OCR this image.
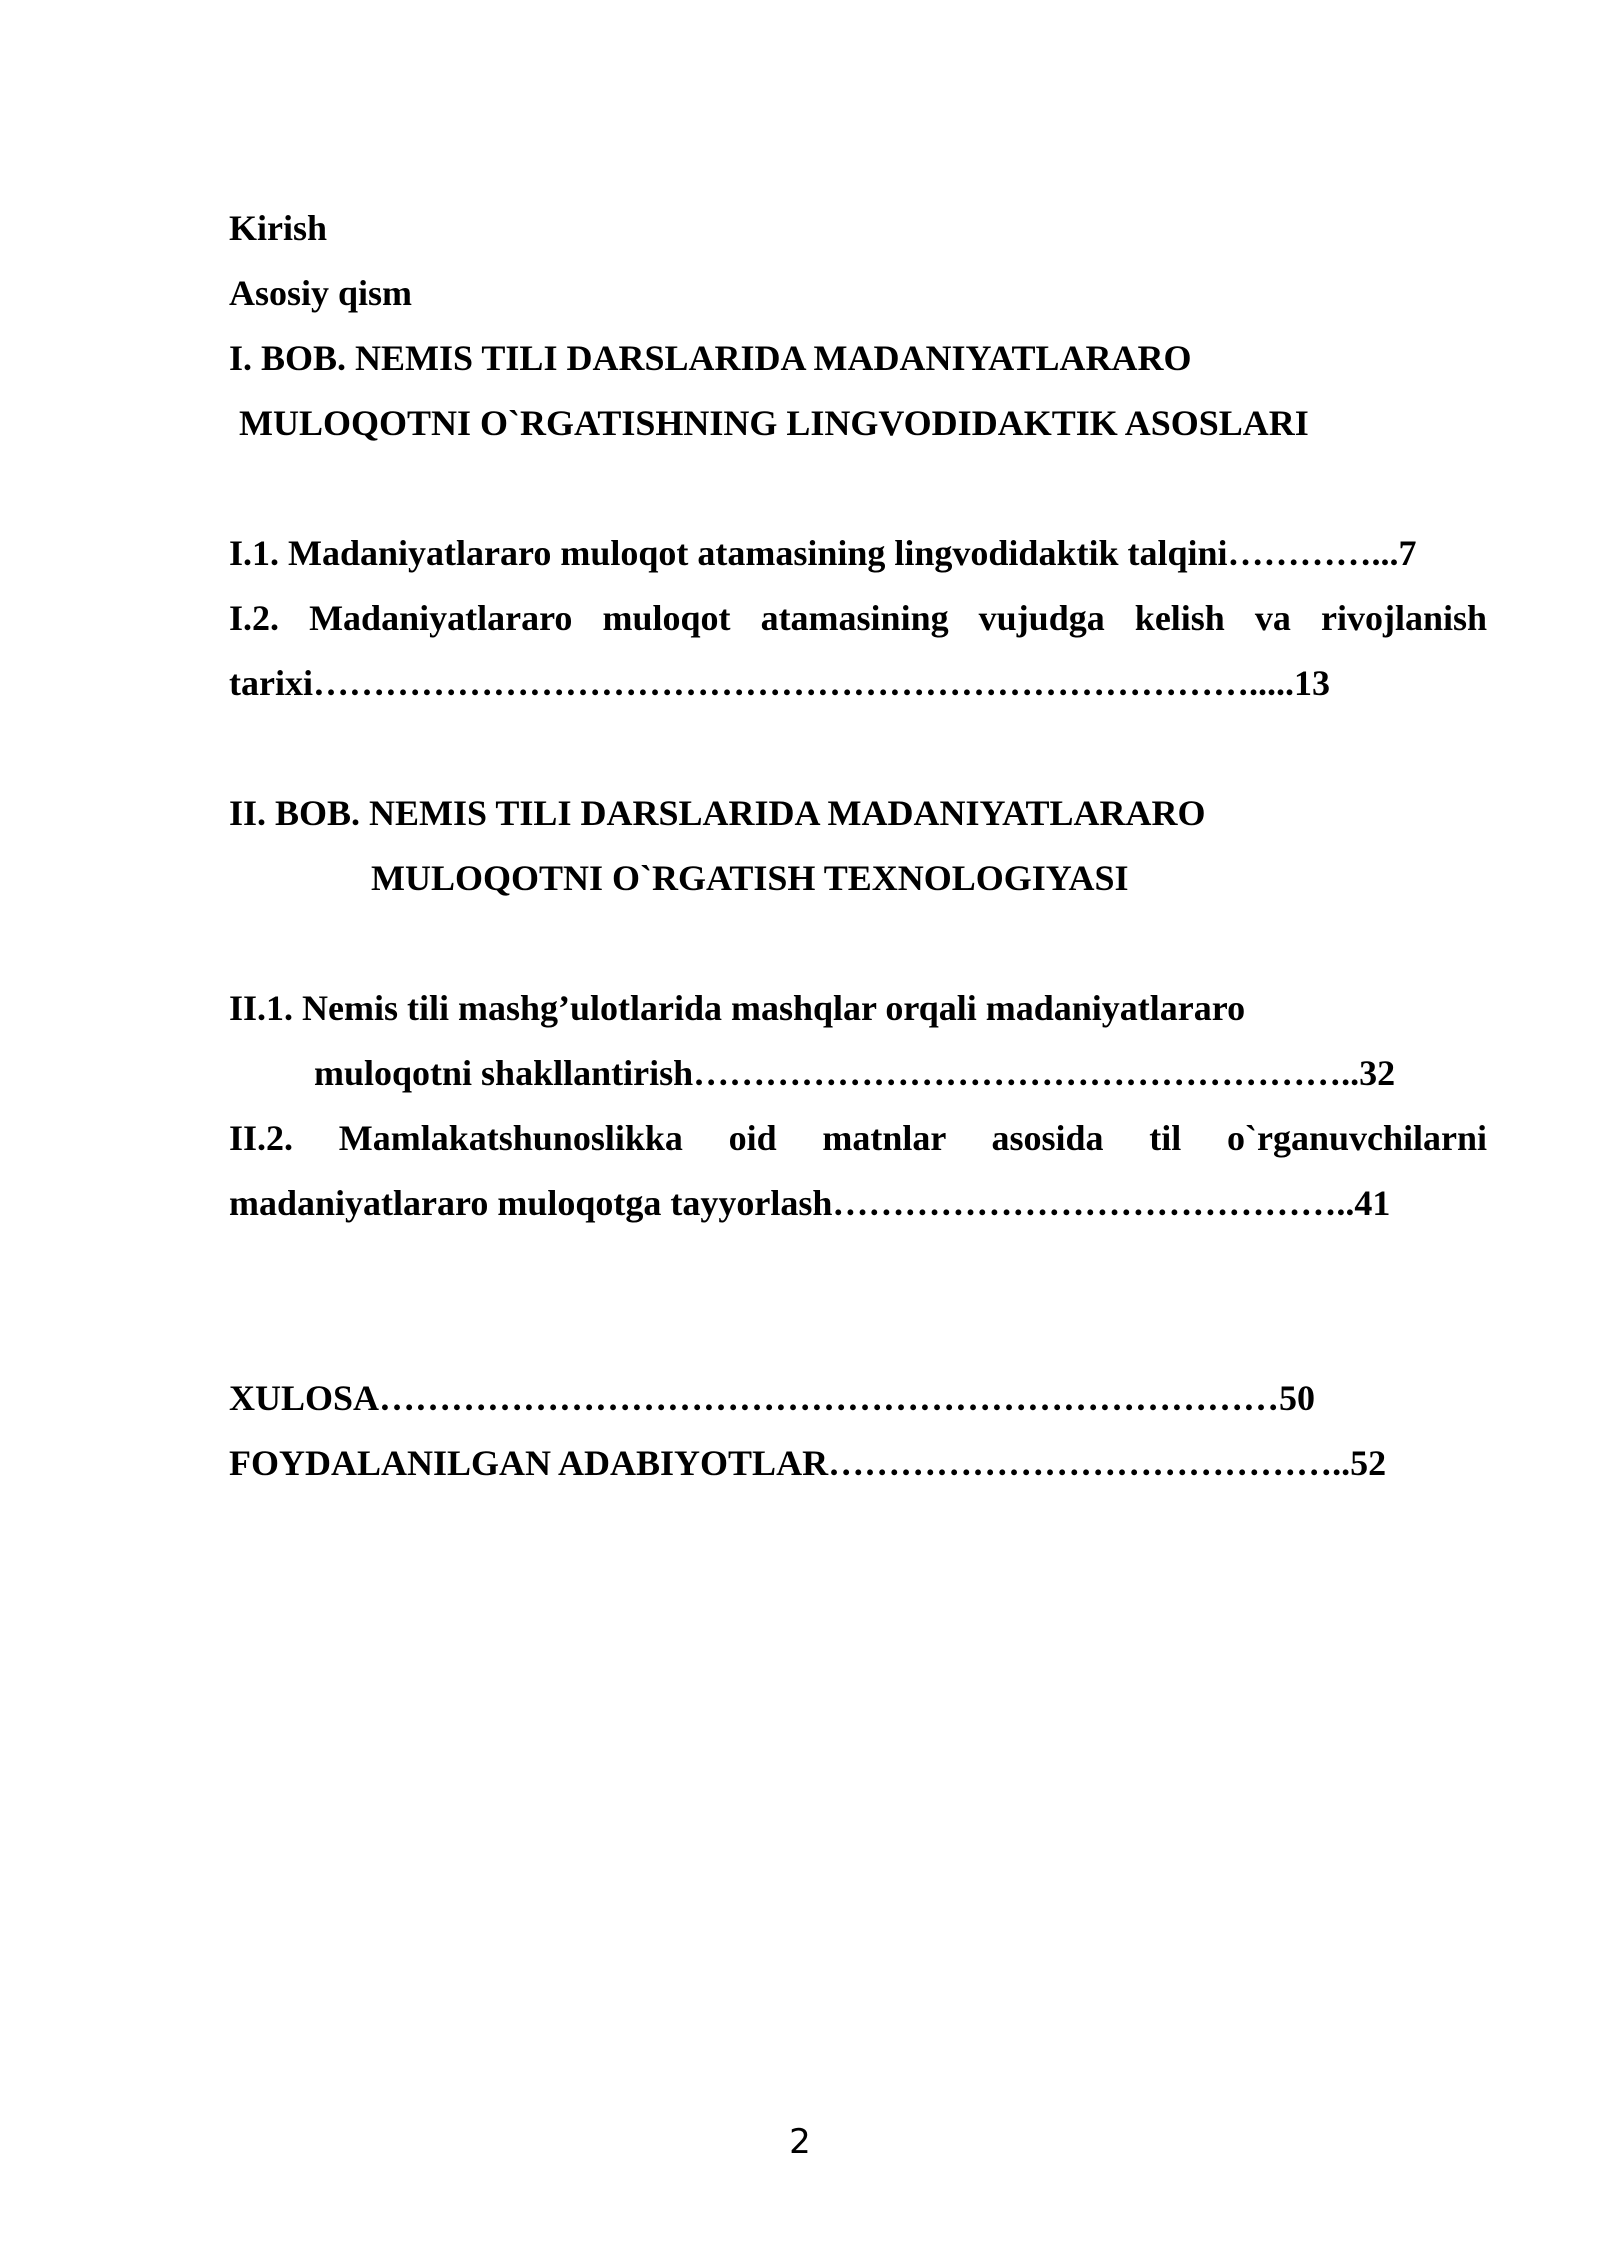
Kirish
Asosiy qism
I. BOB. NEMIS TILI DARSLARIDA MADANIYATLARARO
MULOQOTNI O`RGATISHNING LINGVODIDAKTIK ASOSLARI
I.1. Madaniyatlararo muloqot atamasining lingvodidaktik talqini…………...7
I.2. Madaniyatlararo muloqot atamasining vujudga kelish va rivojlanish
tarixi…………………………………………………………………….....13
II. BOB. NEMIS TILI DARSLARIDA MADANIYATLARARO
MULOQOTNI O`RGATISH TEXNOLOGIYASI
II.1. Nemis tili mashg’ulotlarida mashqlar orqali madaniyatlararo
muloqotni shakllantirish………………………………………………..32
II.2. Mamlakatshunoslikka oid matnlar asosida til o`rganuvchilarni
madaniyatlararo muloqotga tayyorlash……………………………………..41
XULOSA…………………………………………………………………50
FOYDALANILGAN ADABIYOTLAR……………………………………..52
2
